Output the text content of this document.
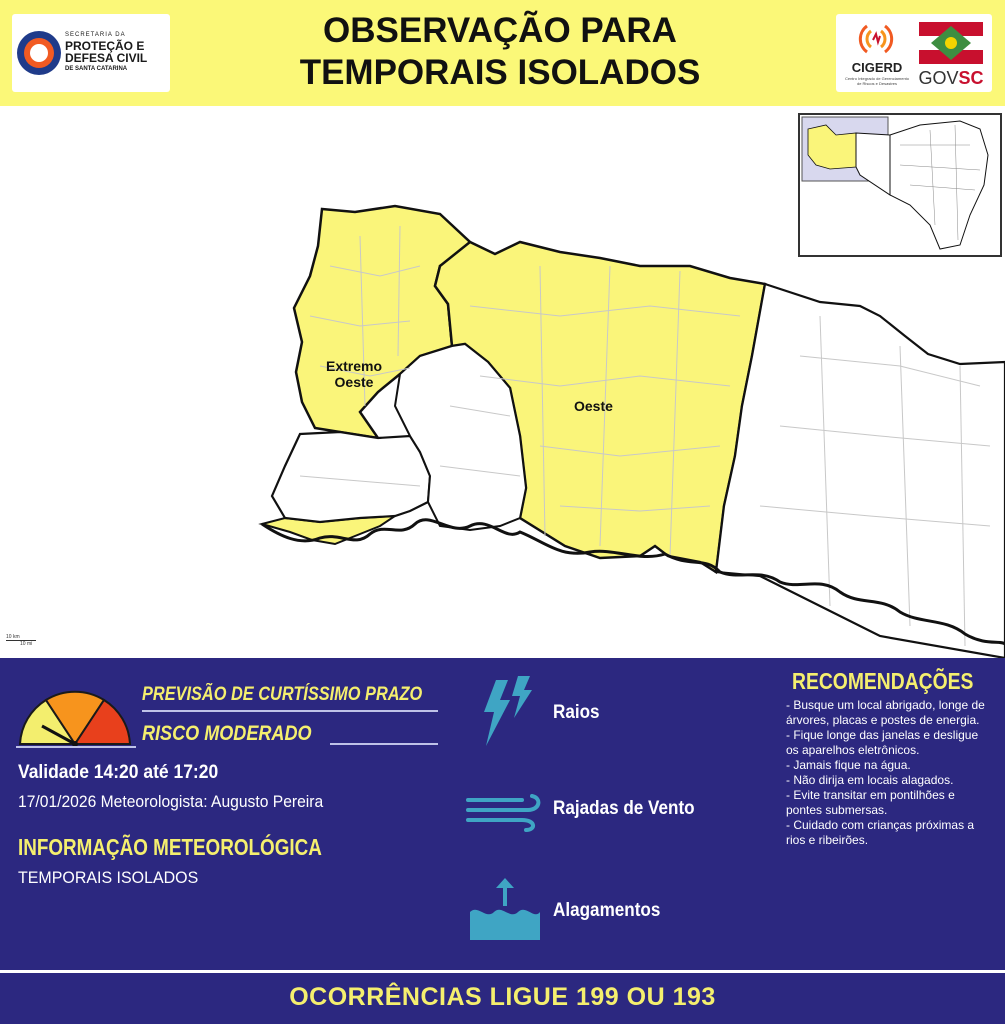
SECRETARIA DA
PROTEÇÃO E
DEFESA CIVIL
DE SANTA CATARINA
OBSERVAÇÃO PARA
TEMPORAIS ISOLADOS	CIGERD
Centro Integrado de Gerenciamento de Riscos e Desastres	GOVSC
Extremo
Oeste
Oeste
10 km
10 mi
PREVISÃO DE CURTÍSSIMO PRAZO
RISCO MODERADO
Validade 14:20 até 17:20
17/01/2026 Meteorologista: Augusto Pereira
INFORMAÇÃO METEOROLÓGICA
TEMPORAIS ISOLADOS
Raios
Rajadas de Vento
Alagamentos
RECOMENDAÇÕES
- Busque um local abrigado, longe de árvores, placas e postes de energia.
- Fique longe das janelas e desligue os aparelhos eletrônicos.
- Jamais fique na água.
- Não dirija em locais alagados.
- Evite transitar em pontilhões e pontes submersas.
- Cuidado com crianças próximas a rios e ribeirões.
OCORRÊNCIAS LIGUE 199 OU 193
